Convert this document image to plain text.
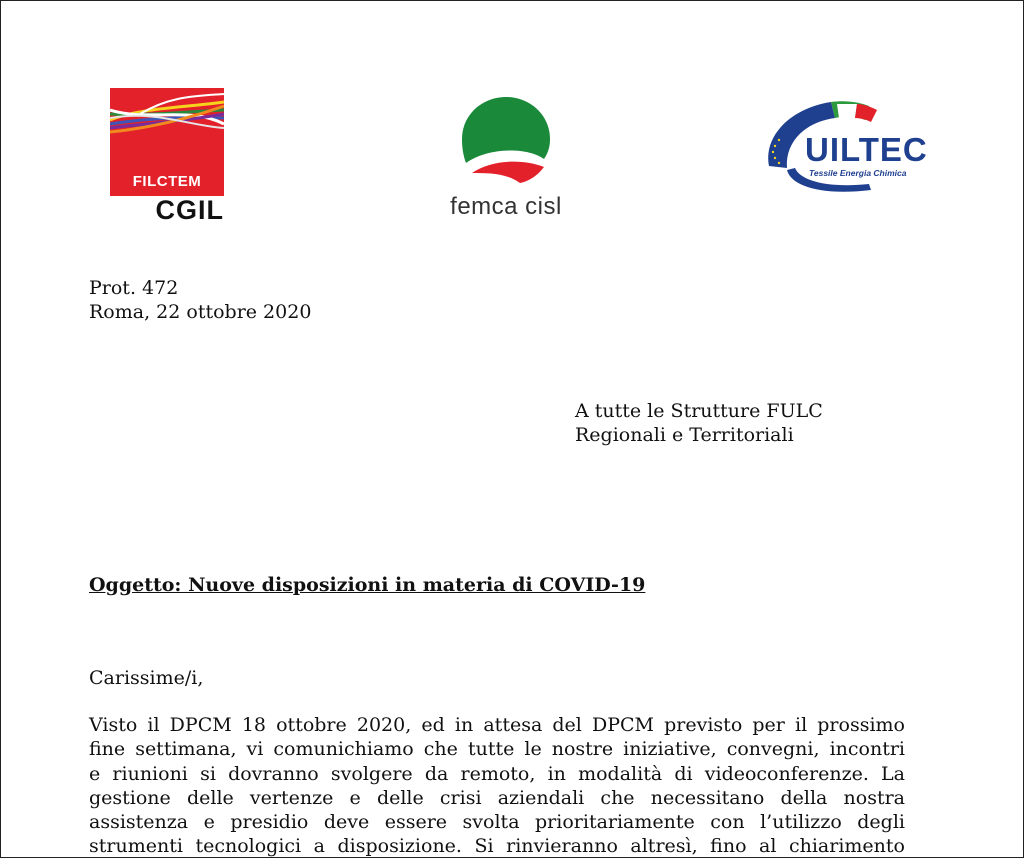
FILCTEM
CGIL	femca cisl
UILTEC
Tessile Energia Chimica
Prot. 472
Roma, 22 ottobre 2020
A tutte le Strutture FULC
Regionali e Territoriali
Oggetto: Nuove disposizioni in materia di COVID-19
Carissime/i,
Visto il DPCM 18 ottobre 2020, ed in attesa del DPCM previsto per il prossimo
fine settimana, vi comunichiamo che tutte le nostre iniziative, convegni, incontri
e riunioni si dovranno svolgere da remoto, in modalità di videoconferenze. La
gestione delle vertenze e delle crisi aziendali che necessitano della nostra
assistenza e presidio deve essere svolta prioritariamente con l’utilizzo degli
strumenti tecnologici a disposizione. Si rinvieranno altresì, fino al chiarimento
